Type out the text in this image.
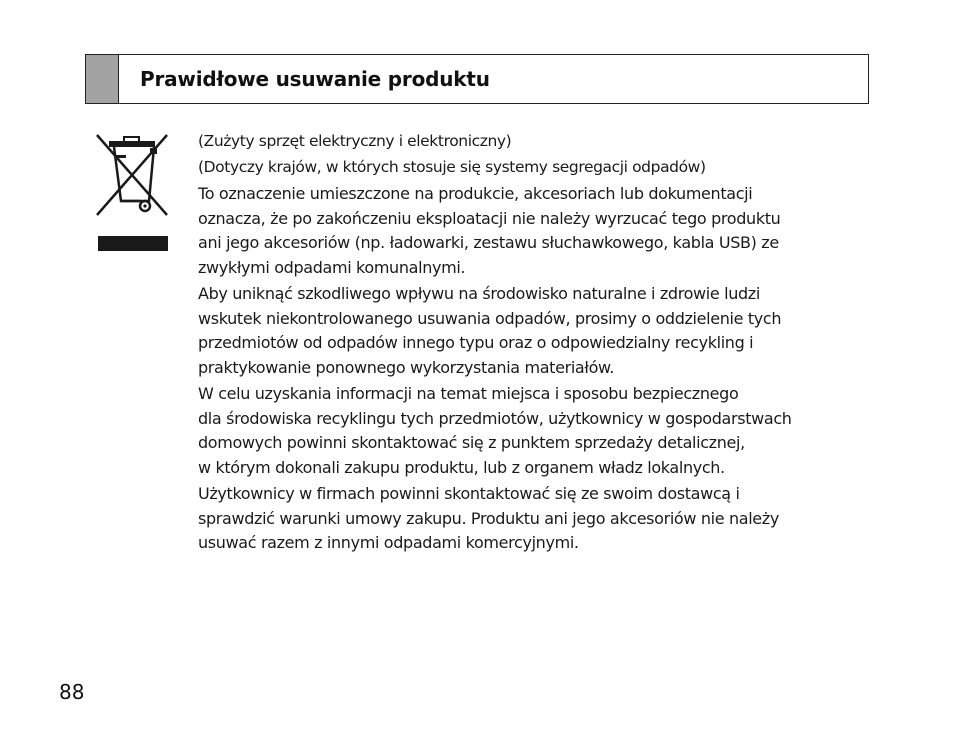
Prawidłowe usuwanie produktu

(Zużyty sprzęt elektryczny i elektroniczny)

(Dotyczy krajów, w których stosuje się systemy segregacji odpadów)

To oznaczenie umieszczone na produkcie, akcesoriach lub dokumentacji

oznacza, że po zakończeniu eksploatacji nie należy wyrzucać tego produktu

ani jego akcesoriów (np. ładowarki, zestawu słuchawkowego, kabla USB) ze

zwykłymi odpadami komunalnymi.

Aby uniknąć szkodliwego wpływu na środowisko naturalne i zdrowie ludzi

wskutek niekontrolowanego usuwania odpadów, prosimy o oddzielenie tych

przedmiotów od odpadów innego typu oraz o odpowiedzialny recykling i

praktykowanie ponownego wykorzystania materiałów.

W celu uzyskania informacji na temat miejsca i sposobu bezpiecznego

dla środowiska recyklingu tych przedmiotów, użytkownicy w gospodarstwach

domowych powinni skontaktować się z punktem sprzedaży detalicznej,

w którym dokonali zakupu produktu, lub z organem władz lokalnych.

Użytkownicy w firmach powinni skontaktować się ze swoim dostawcą i

sprawdzić warunki umowy zakupu. Produktu ani jego akcesoriów nie należy

usuwać razem z innymi odpadami komercyjnymi.

88
